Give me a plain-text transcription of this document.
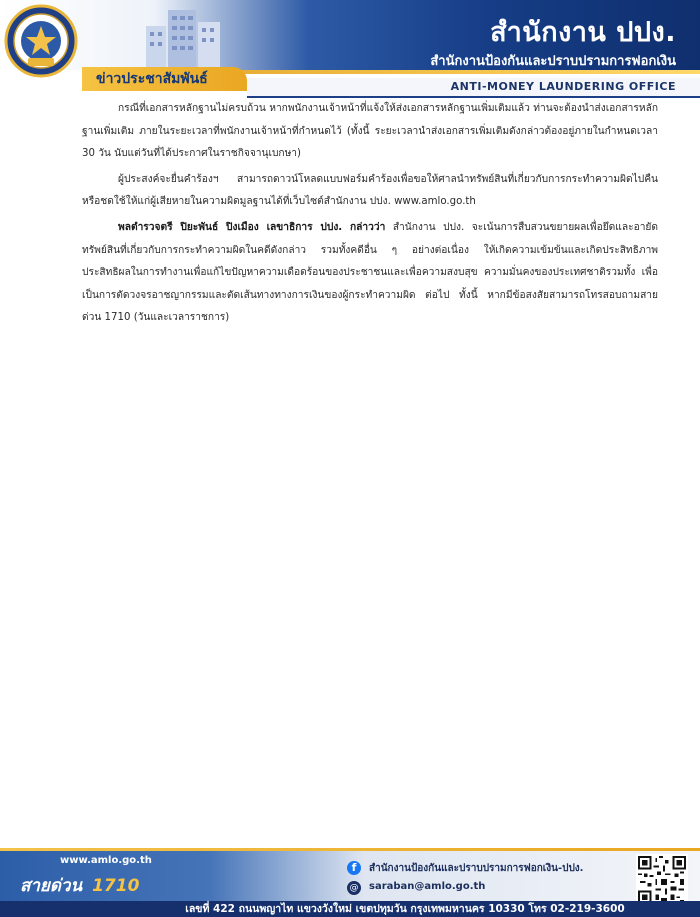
สำนักงาน ปปง.
สำนักงานป้องกันและปราบปรามการฟอกเงิน
ANTI-MONEY LAUNDERING OFFICE
ข่าวประชาสัมพันธ์

กรณีที่เอกสารหลักฐานไม่ครบถ้วน หากพนักงานเจ้าหน้าที่แจ้งให้ส่งเอกสารหลักฐานเพิ่มเติมแล้ว ท่านจะต้องนำส่งเอกสารหลักฐานเพิ่มเติม ภายในระยะเวลาที่พนักงานเจ้าหน้าที่กำหนดไว้ (ทั้งนี้ ระยะเวลานำส่งเอกสารเพิ่มเติมดังกล่าวต้องอยู่ภายในกำหนดเวลา 30 วัน นับแต่วันที่ได้ประกาศในราชกิจจานุเบกษา)

ผู้ประสงค์จะยื่นคำร้องฯ สามารถดาวน์โหลดแบบฟอร์มคำร้องเพื่อขอให้ศาลนำทรัพย์สินที่เกี่ยวกับการกระทำความผิดไปคืนหรือชดใช้ให้แก่ผู้เสียหายในความผิดมูลฐานได้ที่เว็บไซต์สำนักงาน ปปง. www.amlo.go.th

พลตำรวจตรี ปิยะพันธ์ ปิงเมือง เลขาธิการ ปปง. กล่าวว่า สำนักงาน ปปง. จะเน้นการสืบสวนขยายผลเพื่อยึดและอายัดทรัพย์สินที่เกี่ยวกับการกระทำความผิดในคดีดังกล่าว รวมทั้งคดีอื่น ๆ อย่างต่อเนื่อง ให้เกิดความเข้มข้นและเกิดประสิทธิภาพประสิทธิผลในการทำงานเพื่อแก้ไขปัญหาความเดือดร้อนของประชาชนและเพื่อความสงบสุข ความมั่นคงของประเทศชาติรวมทั้ง เพื่อเป็นการตัดวงจรอาชญากรรมและตัดเส้นทางทางการเงินของผู้กระทำความผิด ต่อไป ทั้งนี้ หากมีข้อสงสัยสามารถโทรสอบถามสายด่วน 1710 (วันและเวลาราชการ)

www.amlo.go.th
สายด่วน 1710
f	สำนักงานป้องกันและปราบปรามการฟอกเงิน-ปปง.
@ saraban@amlo.go.th
เลขที่ 422 ถนนพญาไท แขวงวังใหม่ เขตปทุมวัน กรุงเทพมหานคร 10330 โทร 02-219-3600
